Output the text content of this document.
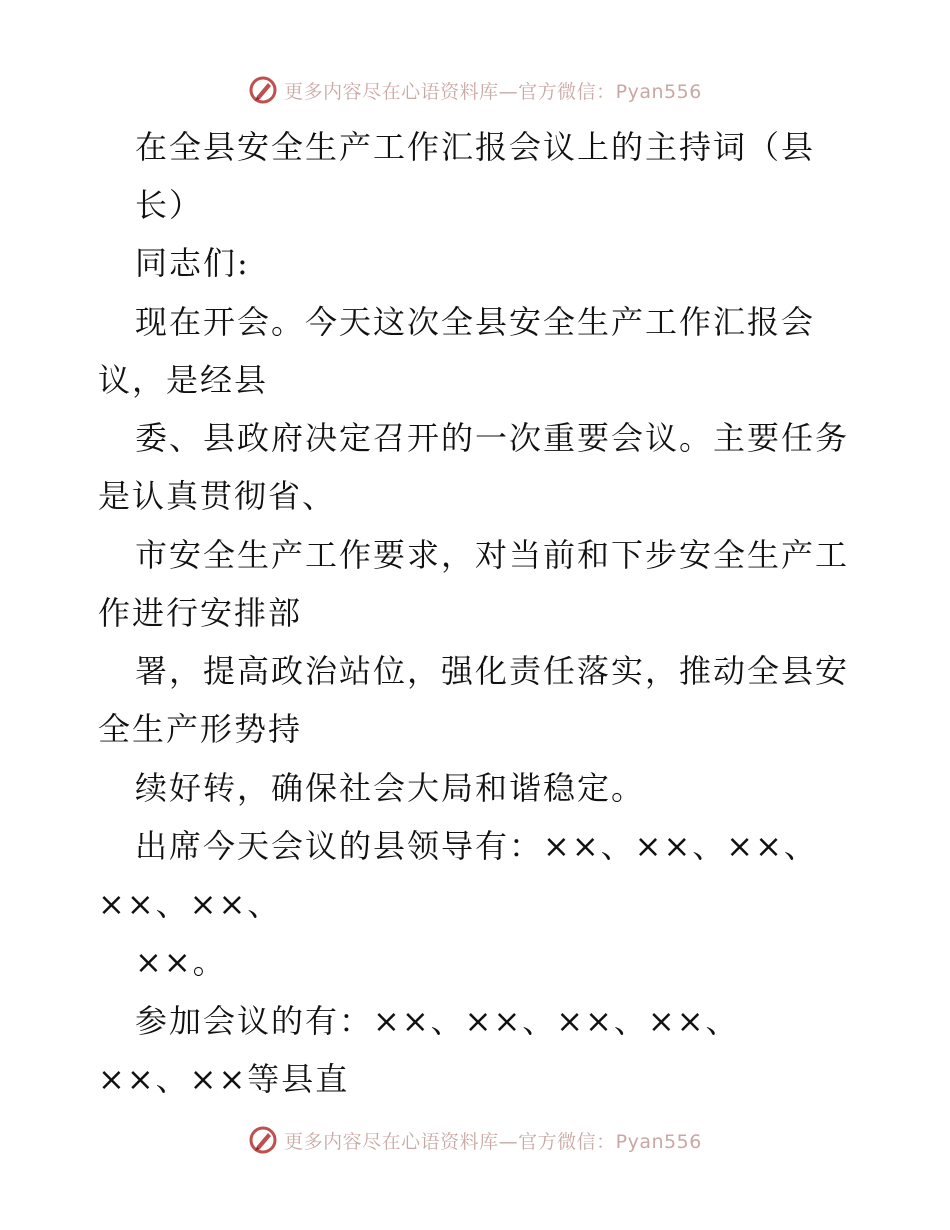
更多内容尽在心语资料库—官方微信：Pyan556
在全县安全生产工作汇报会议上的主持词（县
长）
同志们:
现在开会。今天这次全县安全生产工作汇报会
议，是经县
委、县政府决定召开的一次重要会议。主要任务
是认真贯彻省、
市安全生产工作要求，对当前和下步安全生产工
作进行安排部
署，提高政治站位，强化责任落实，推动全县安
全生产形势持
续好转，确保社会大局和谐稳定。
出席今天会议的县领导有：××、××、××、
××、××、
××。
参加会议的有：××、××、××、××、
××、××等县直
更多内容尽在心语资料库—官方微信：Pyan556
